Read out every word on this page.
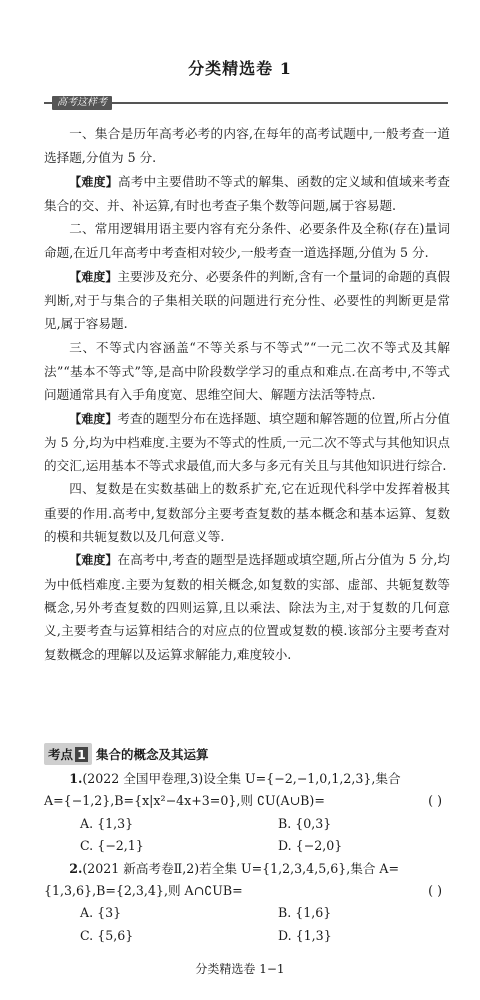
分类精选卷 1
高考这样考

一、集合是历年高考必考的内容,在每年的高考试题中,一般考查一道选择题,分值为 5 分.

【难度】高考中主要借助不等式的解集、函数的定义域和值域来考查集合的交、并、补运算,有时也考查子集个数等问题,属于容易题.

二、常用逻辑用语主要内容有充分条件、必要条件及全称(存在)量词命题,在近几年高考中考查相对较少,一般考查一道选择题,分值为 5 分.

【难度】主要涉及充分、必要条件的判断,含有一个量词的命题的真假判断,对于与集合的子集相关联的问题进行充分性、必要性的判断更是常见,属于容易题.

三、不等式内容涵盖“不等关系与不等式”“一元二次不等式及其解法”“基本不等式”等,是高中阶段数学学习的重点和难点.在高考中,不等式问题通常具有入手角度宽、思维空间大、解题方法活等特点.

【难度】考查的题型分布在选择题、填空题和解答题的位置,所占分值为 5 分,均为中档难度.主要为不等式的性质,一元二次不等式与其他知识点的交汇,运用基本不等式求最值,而大多与多元有关且与其他知识进行综合.

四、复数是在实数基础上的数系扩充,它在近现代科学中发挥着极其重要的作用.高考中,复数部分主要考查复数的基本概念和基本运算、复数的模和共轭复数以及几何意义等.

【难度】在高考中,考查的题型是选择题或填空题,所占分值为 5 分,均为中低档难度.主要为复数的相关概念,如复数的实部、虚部、共轭复数等概念,另外考查复数的四则运算,且以乘法、除法为主,对于复数的几何意义,主要考查与运算相结合的对应点的位置或复数的模.该部分主要考查对复数概念的理解以及运算求解能力,难度较小.

考点 1 集合的概念及其运算
1.(2022 全国甲卷理,3)设全集 U={−2,−1,0,1,2,3},集合
A={−1,2},B={x|x²−4x+3=0},则 ∁U(A∪B)=	( )
A. {1,3}	B. {0,3}
C. {−2,1}	D. {−2,0}
2.(2021 新高考卷Ⅱ,2)若全集 U={1,2,3,4,5,6},集合 A=
{1,3,6},B={2,3,4},则 A∩∁UB=	( )
A. {3}	B. {1,6}
C. {5,6}	D. {1,3}
分类精选卷 1−1
